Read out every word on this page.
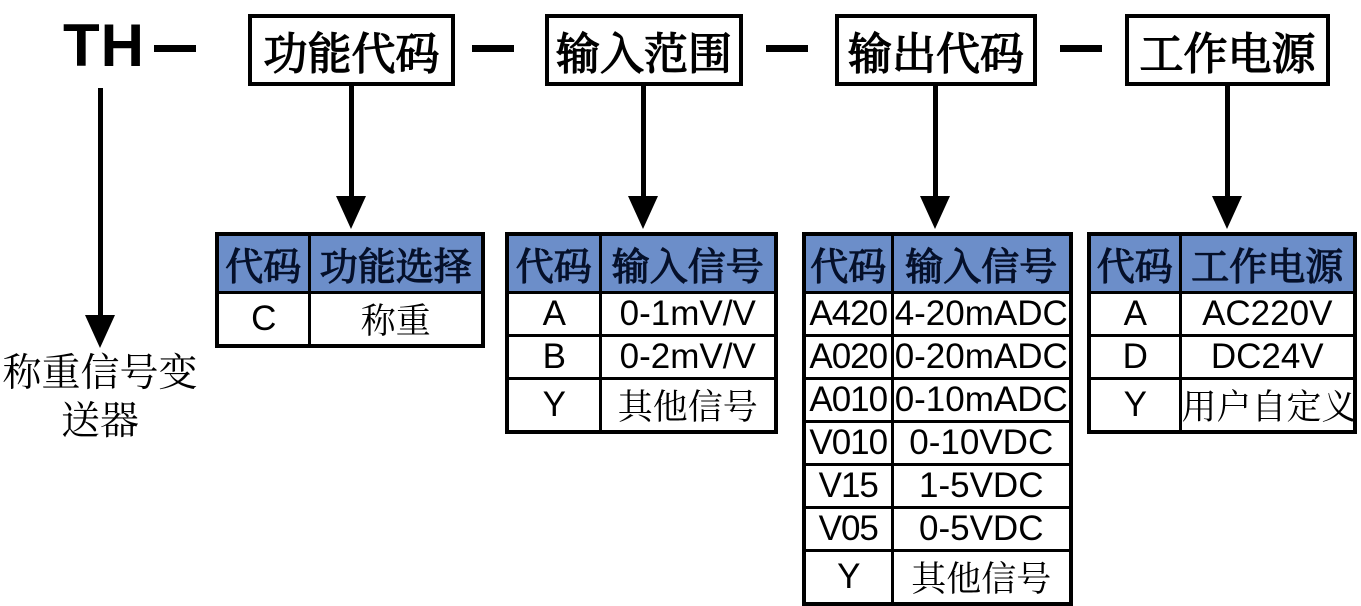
TH	功能代码	输入范围	输出代码	工作电源
称重信号变送器
代码	功能选择
C	称重
代码	输入信号
A	0-1mV/V
B	0-2mV/V
Y	其他信号
代码	输入信号
A420	4-20mADC
A020	0-20mADC
A010	0-10mADC
V010	0-10VDC
V15	1-5VDC
V05	0-5VDC
Y	其他信号
代码	工作电源
A	AC220V
D	DC24V
Y	用户自定义
